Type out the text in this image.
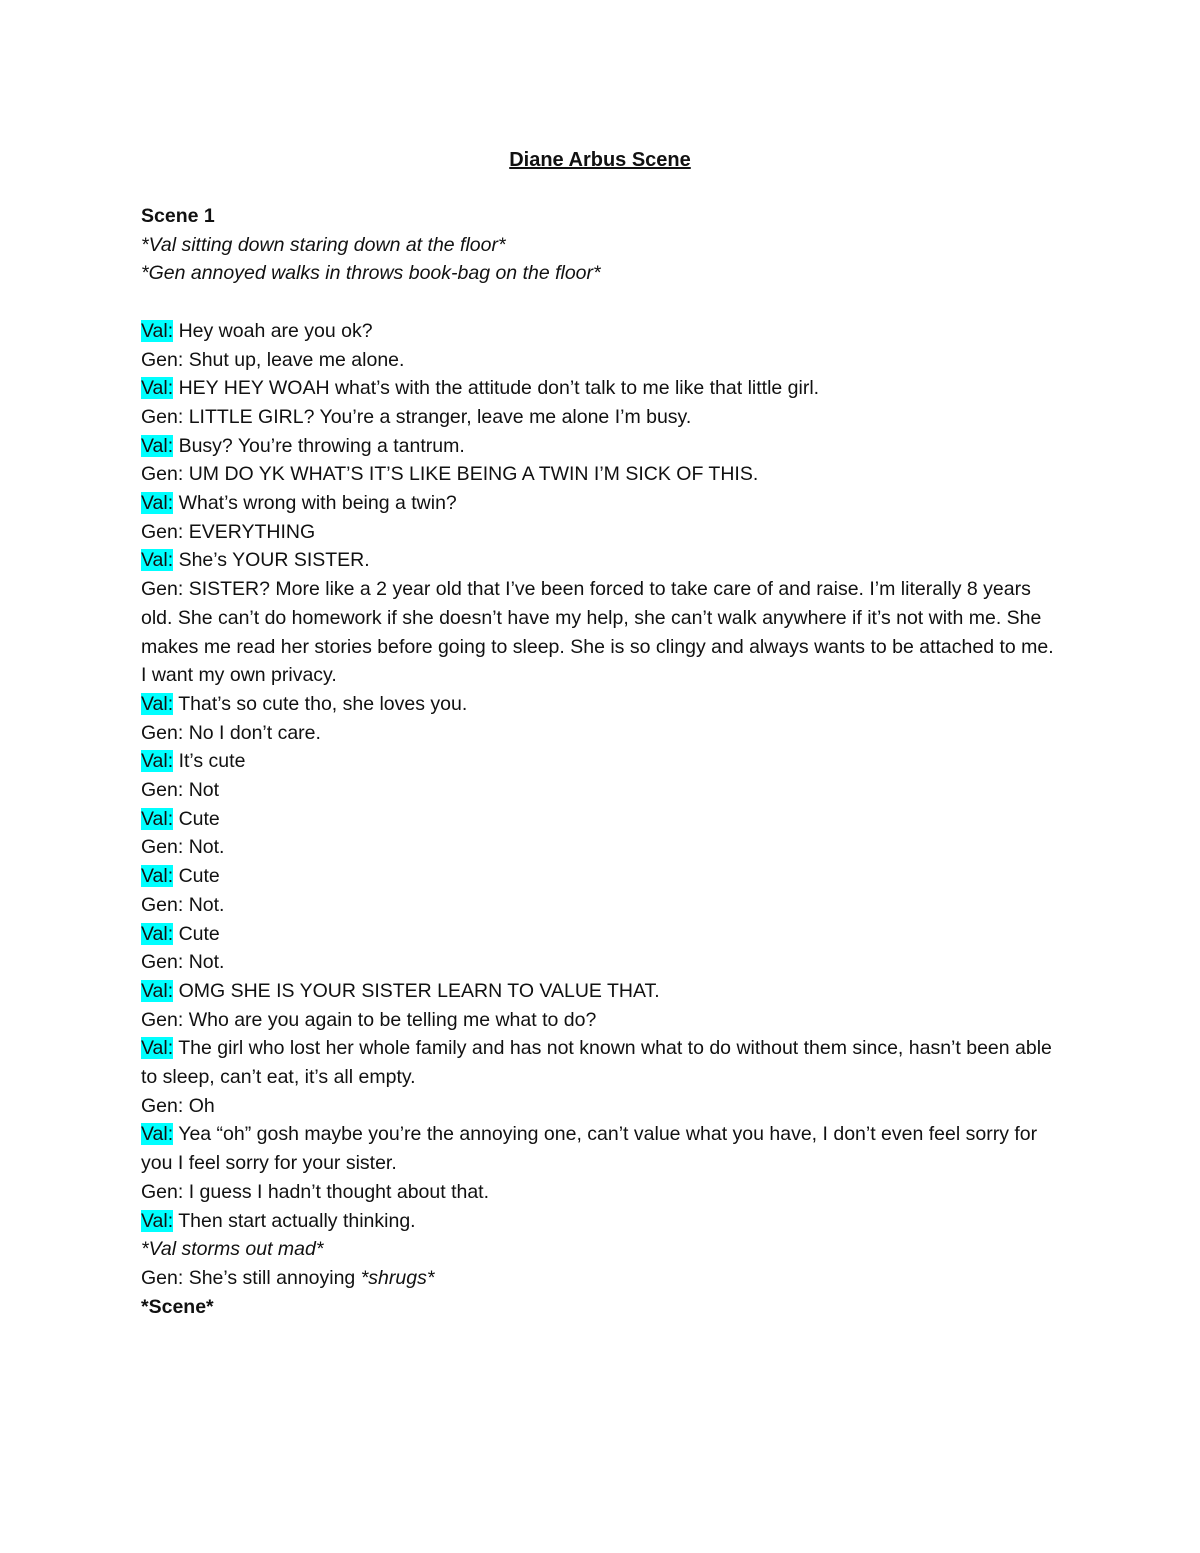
Diane Arbus Scene

Scene 1

*Val sitting down staring down at the floor*

*Gen annoyed walks in throws book-bag on the floor*

Val: Hey woah are you ok?

Gen: Shut up, leave me alone.

Val: HEY HEY WOAH what’s with the attitude don’t talk to me like that little girl.

Gen: LITTLE GIRL? You’re a stranger, leave me alone I’m busy.

Val: Busy? You’re throwing a tantrum.

Gen: UM DO YK WHAT’S IT’S LIKE BEING A TWIN I’M SICK OF THIS.

Val: What’s wrong with being a twin?

Gen: EVERYTHING

Val: She’s YOUR SISTER.

Gen: SISTER? More like a 2 year old that I’ve been forced to take care of and raise. I’m literally 8 years old. She can’t do homework if she doesn’t have my help, she can’t walk anywhere if it’s not with me. She makes me read her stories before going to sleep. She is so clingy and always wants to be attached to me. I want my own privacy.

Val: That’s so cute tho, she loves you.

Gen: No I don’t care.

Val: It’s cute

Gen: Not

Val: Cute

Gen: Not.

Val: Cute

Gen: Not.

Val: Cute

Gen: Not.

Val: OMG SHE IS YOUR SISTER LEARN TO VALUE THAT.

Gen: Who are you again to be telling me what to do?

Val: The girl who lost her whole family and has not known what to do without them since, hasn’t been able to sleep, can’t eat, it’s all empty.

Gen: Oh

Val: Yea “oh” gosh maybe you’re the annoying one, can’t value what you have, I don’t even feel sorry for you I feel sorry for your sister.

Gen: I guess I hadn’t thought about that.

Val: Then start actually thinking.

*Val storms out mad*

Gen: She’s still annoying *shrugs*

*Scene*
